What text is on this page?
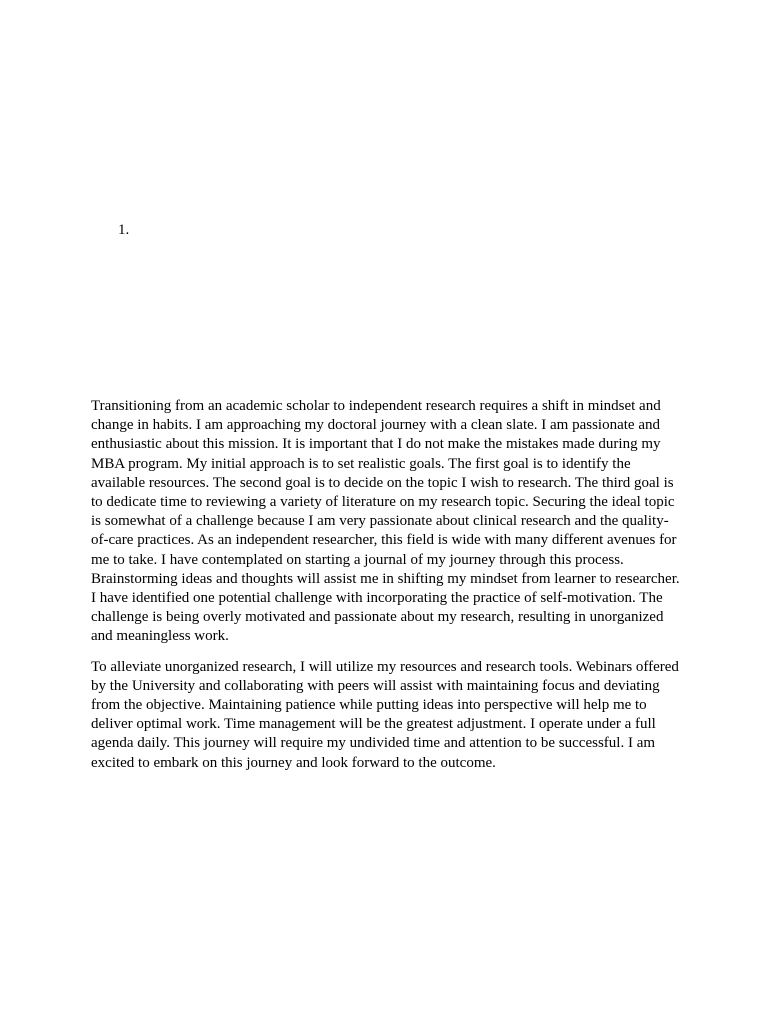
1.

Transitioning from an academic scholar to independent research requires a shift in mindset and change in habits. I am approaching my doctoral journey with a clean slate. I am passionate and enthusiastic about this mission. It is important that I do not make the mistakes made during my MBA program. My initial approach is to set realistic goals. The first goal is to identify the available resources. The second goal is to decide on the topic I wish to research. The third goal is to dedicate time to reviewing a variety of literature on my research topic. Securing the ideal topic is somewhat of a challenge because I am very passionate about clinical research and the quality-of-care practices. As an independent researcher, this field is wide with many different avenues for me to take. I have contemplated on starting a journal of my journey through this process. Brainstorming ideas and thoughts will assist me in shifting my mindset from learner to researcher. I have identified one potential challenge with incorporating the practice of self-motivation. The challenge is being overly motivated and passionate about my research, resulting in unorganized and meaningless work.

To alleviate unorganized research, I will utilize my resources and research tools. Webinars offered by the University and collaborating with peers will assist with maintaining focus and deviating from the objective. Maintaining patience while putting ideas into perspective will help me to deliver optimal work. Time management will be the greatest adjustment. I operate under a full agenda daily. This journey will require my undivided time and attention to be successful. I am excited to embark on this journey and look forward to the outcome.
